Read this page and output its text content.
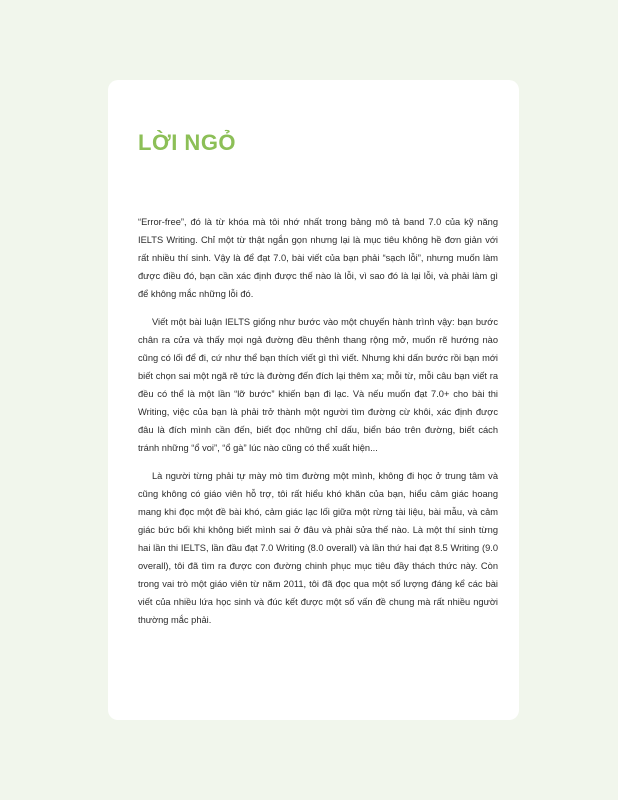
LỜI NGỎ

“Error-free”, đó là từ khóa mà tôi nhớ nhất trong bảng mô tả band 7.0 của kỹ năng IELTS Writing. Chỉ một từ thật ngắn gọn nhưng lại là mục tiêu không hề đơn giản với rất nhiều thí sinh. Vậy là để đạt 7.0, bài viết của bạn phải “sạch lỗi”, nhưng muốn làm được điều đó, bạn cần xác định được thế nào là lỗi, vì sao đó là lại lỗi, và phải làm gì để không mắc những lỗi đó.

Viết một bài luận IELTS giống như bước vào một chuyến hành trình vậy: bạn bước chân ra cửa và thấy mọi ngả đường đều thênh thang rộng mở, muốn rẽ hướng nào cũng có lối để đi, cứ như thể bạn thích viết gì thì viết. Nhưng khi dấn bước rồi bạn mới biết chọn sai một ngã rẽ tức là đường đến đích lại thêm xa; mỗi từ, mỗi câu bạn viết ra đều có thể là một lần “lỡ bước” khiến bạn đi lạc. Và nếu muốn đạt 7.0+ cho bài thi Writing, việc của bạn là phải trở thành một người tìm đường cừ khôi, xác định được đâu là đích mình cần đến, biết đọc những chỉ dấu, biển báo trên đường, biết cách tránh những “ổ voi”, “ổ gà” lúc nào cũng có thể xuất hiện...

Là người từng phải tự mày mò tìm đường một mình, không đi học ở trung tâm và cũng không có giáo viên hỗ trợ, tôi rất hiểu khó khăn của bạn, hiểu cảm giác hoang mang khi đọc một đề bài khó, cảm giác lạc lối giữa một rừng tài liệu, bài mẫu, và cảm giác bức bối khi không biết mình sai ở đâu và phải sửa thế nào. Là một thí sinh từng hai lần thi IELTS, lần đầu đạt 7.0 Writing (8.0 overall) và lần thứ hai đạt 8.5 Writing (9.0 overall), tôi đã tìm ra được con đường chinh phục mục tiêu đầy thách thức này. Còn trong vai trò một giáo viên từ năm 2011, tôi đã đọc qua một số lượng đáng kể các bài viết của nhiều lứa học sinh và đúc kết được một số vấn đề chung mà rất nhiều người thường mắc phải.
